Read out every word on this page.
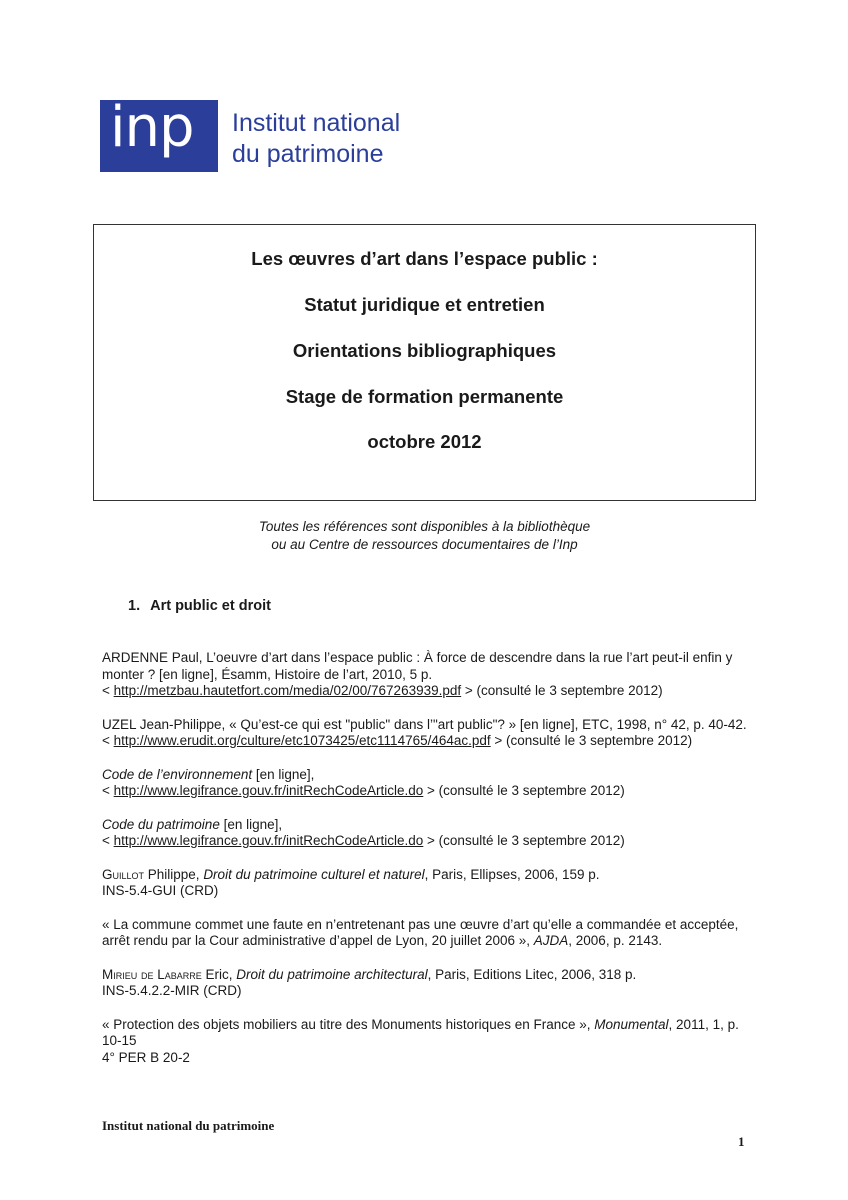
inp	Institut national
du patrimoine
Les œuvres d’art dans l’espace public :
Statut juridique et entretien
Orientations bibliographiques
Stage de formation permanente
octobre 2012
Toutes les références sont disponibles à la bibliothèque
ou au Centre de ressources documentaires de l’Inp
1. Art public et droit
ARDENNE Paul, L’oeuvre d’art dans l’espace public : À force de descendre dans la rue l’art peut-il enfin y monter ? [en ligne], Ésamm, Histoire de l’art, 2010, 5 p.
< http://metzbau.hautetfort.com/media/02/00/767263939.pdf > (consulté le 3 septembre 2012)
UZEL Jean-Philippe, « Qu’est-ce qui est "public" dans l’"art public"? » [en ligne], ETC, 1998, n° 42, p. 40-42.
< http://www.erudit.org/culture/etc1073425/etc1114765/464ac.pdf > (consulté le 3 septembre 2012)
Code de l’environnement [en ligne],
< http://www.legifrance.gouv.fr/initRechCodeArticle.do > (consulté le 3 septembre 2012)
Code du patrimoine [en ligne],
< http://www.legifrance.gouv.fr/initRechCodeArticle.do > (consulté le 3 septembre 2012)
Guillot Philippe, Droit du patrimoine culturel et naturel, Paris, Ellipses, 2006, 159 p.
INS-5.4-GUI (CRD)
« La commune commet une faute en n’entretenant pas une œuvre d’art qu’elle a commandée et acceptée, arrêt rendu par la Cour administrative d’appel de Lyon, 20 juillet 2006 », AJDA, 2006, p. 2143.
Mirieu de Labarre Eric, Droit du patrimoine architectural, Paris, Editions Litec, 2006, 318 p.
INS-5.4.2.2-MIR (CRD)
« Protection des objets mobiliers au titre des Monuments historiques en France », Monumental, 2011, 1, p. 10-15
4° PER B 20-2
Institut national du patrimoine
1
